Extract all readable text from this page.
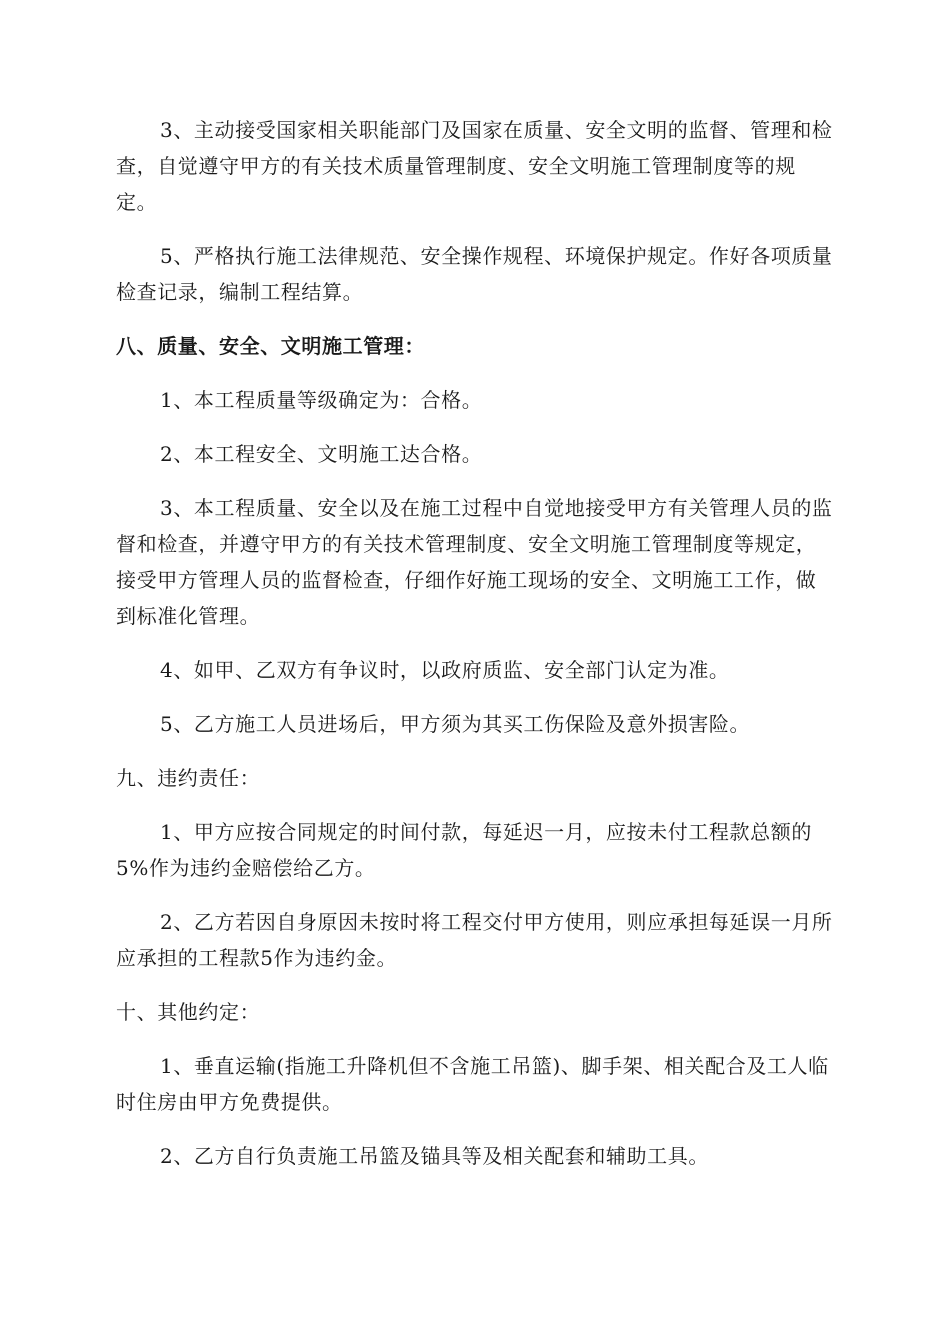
3、主动接受国家相关职能部门及国家在质量、安全文明的监督、管理和检查，自觉遵守甲方的有关技术质量管理制度、安全文明施工管理制度等的规定。

5、严格执行施工法律规范、安全操作规程、环境保护规定。作好各项质量检查记录，编制工程结算。

八、质量、安全、文明施工管理：

1、本工程质量等级确定为：合格。

2、本工程安全、文明施工达合格。

3、本工程质量、安全以及在施工过程中自觉地接受甲方有关管理人员的监督和检查，并遵守甲方的有关技术管理制度、安全文明施工管理制度等规定，接受甲方管理人员的监督检查，仔细作好施工现场的安全、文明施工工作，做到标准化管理。

4、如甲、乙双方有争议时，以政府质监、安全部门认定为准。

5、乙方施工人员进场后，甲方须为其买工伤保险及意外损害险。

九、违约责任：

1、甲方应按合同规定的时间付款，每延迟一月，应按未付工程款总额的5%作为违约金赔偿给乙方。

2、乙方若因自身原因未按时将工程交付甲方使用，则应承担每延误一月所应承担的工程款5作为违约金。

十、其他约定：

1、垂直运输(指施工升降机但不含施工吊篮)、脚手架、相关配合及工人临时住房由甲方免费提供。

2、乙方自行负责施工吊篮及锚具等及相关配套和辅助工具。
